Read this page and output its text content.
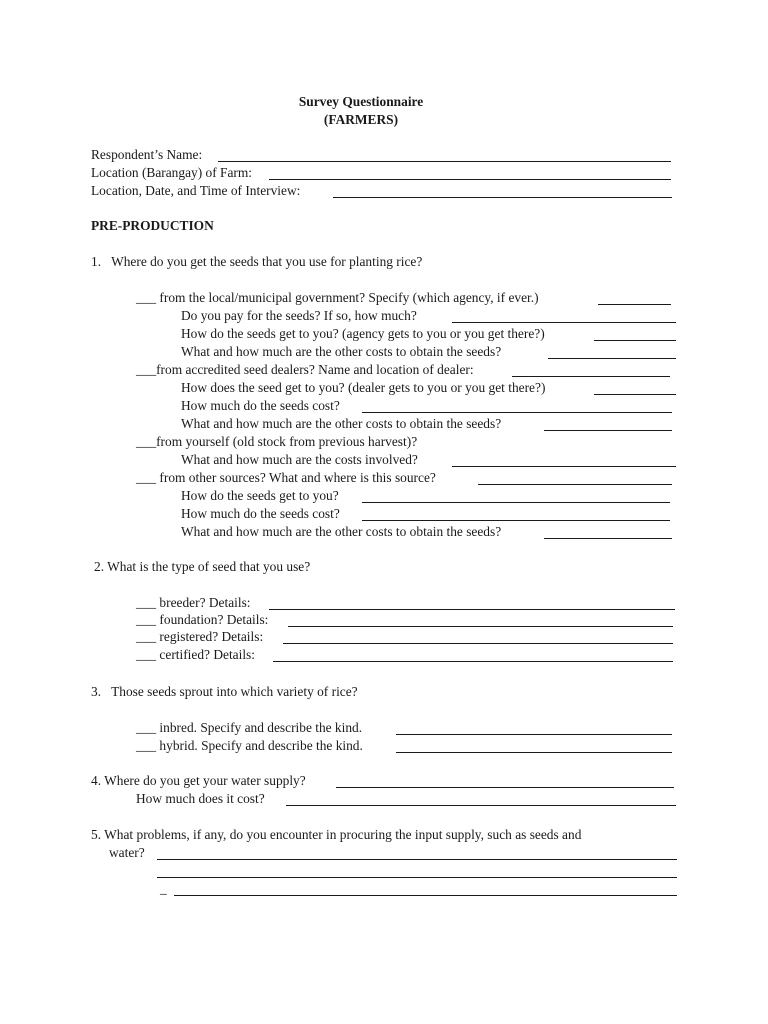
Survey Questionnaire
(FARMERS)
Respondent’s Name:
Location (Barangay) of Farm:
Location, Date, and Time of Interview:
PRE-PRODUCTION
1.   Where do you get the seeds that you use for planting rice?
___ from the local/municipal government? Specify (which agency, if ever.)
Do you pay for the seeds? If so, how much?
How do the seeds get to you? (agency gets to you or you get there?)
What and how much are the other costs to obtain the seeds?
___from accredited seed dealers? Name and location of dealer:
How does the seed get to you? (dealer gets to you or you get there?)
How much do the seeds cost?
What and how much are the other costs to obtain the seeds?
___from yourself (old stock from previous harvest)?
What and how much are the costs involved?
___ from other sources? What and where is this source?
How do the seeds get to you?
How much do the seeds cost?
What and how much are the other costs to obtain the seeds?
2. What is the type of seed that you use?
___ breeder? Details:
___ foundation? Details:
___ registered? Details:
___ certified? Details:
3.   Those seeds sprout into which variety of rice?
___ inbred. Specify and describe the kind.
___ hybrid. Specify and describe the kind.
4. Where do you get your water supply?
How much does it cost?
5. What problems, if any, do you encounter in procuring the input supply, such as seeds and
water?
_
